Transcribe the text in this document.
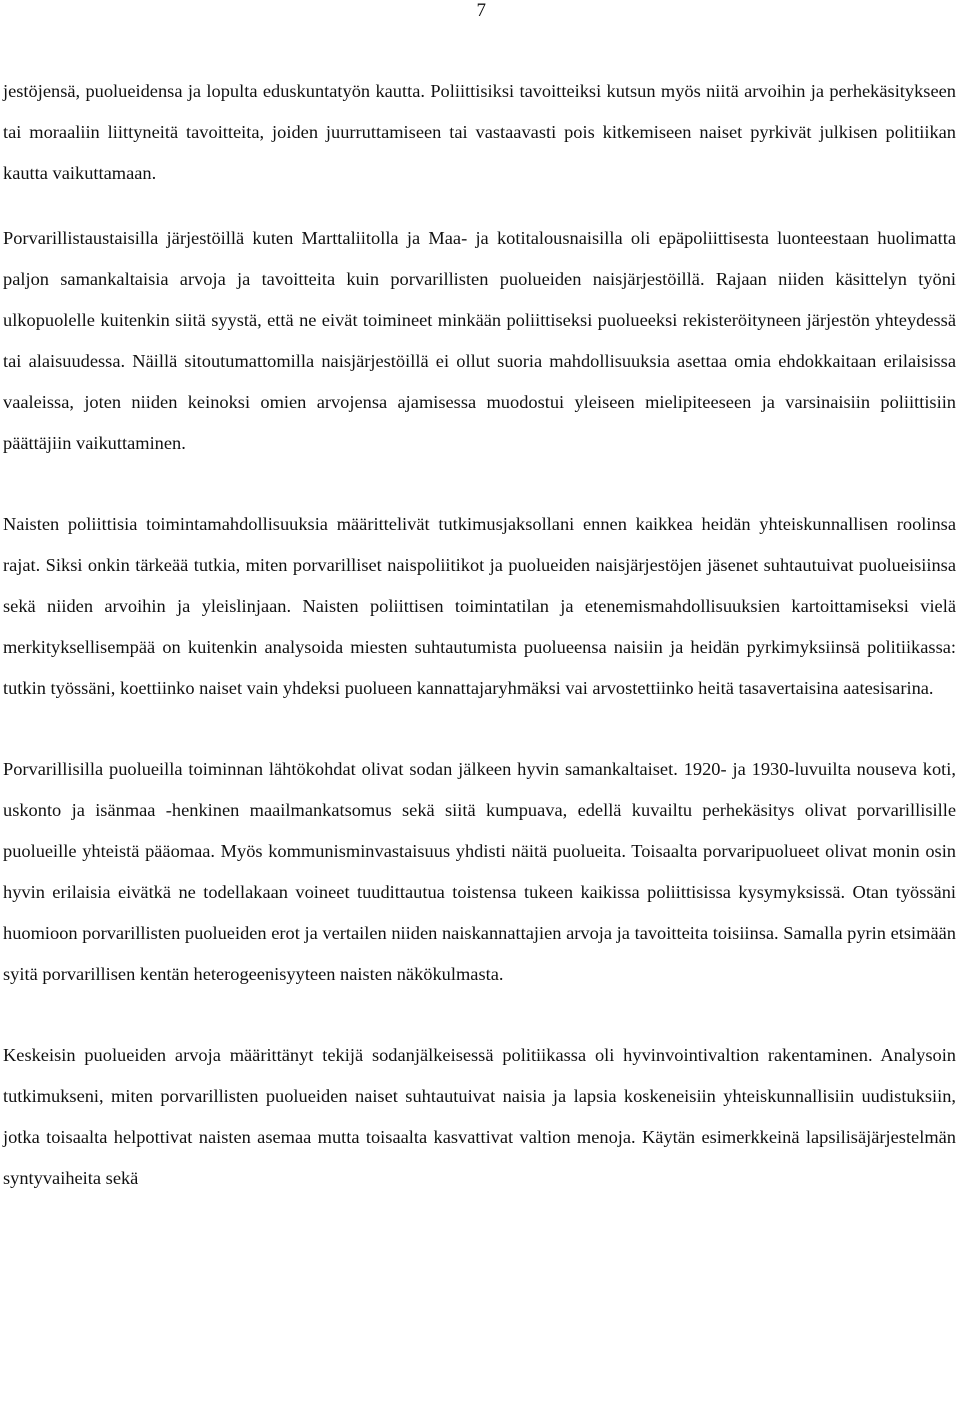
7

jestöjensä, puolueidensa ja lopulta eduskuntatyön kautta. Poliittisiksi tavoitteiksi kutsun myös niitä arvoihin ja perhekäsitykseen tai moraaliin liittyneitä tavoitteita, joiden juurruttamiseen tai vastaavasti pois kitkemiseen naiset pyrkivät julkisen politiikan kautta vaikuttamaan.

Porvarillistaustaisilla järjestöillä kuten Marttaliitolla ja Maa- ja kotitalousnaisilla oli epäpoliittisesta luonteestaan huolimatta paljon samankaltaisia arvoja ja tavoitteita kuin porvarillisten puolueiden naisjärjestöillä. Rajaan niiden käsittelyn työni ulkopuolelle kuitenkin siitä syystä, että ne eivät toimineet minkään poliittiseksi puolueeksi rekisteröityneen järjestön yhteydessä tai alaisuudessa. Näillä sitoutumattomilla naisjärjestöillä ei ollut suoria mahdollisuuksia asettaa omia ehdokkaitaan erilaisissa vaaleissa, joten niiden keinoksi omien arvojensa ajamisessa muodostui yleiseen mielipiteeseen ja varsinaisiin poliittisiin päättäjiin vaikuttaminen.

Naisten poliittisia toimintamahdollisuuksia määrittelivät tutkimusjaksollani ennen kaikkea heidän yhteiskunnallisen roolinsa rajat. Siksi onkin tärkeää tutkia, miten porvarilliset naispoliitikot ja puolueiden naisjärjestöjen jäsenet suhtautuivat puolueisiinsa sekä niiden arvoihin ja yleislinjaan. Naisten poliittisen toimintatilan ja etenemismahdollisuuksien kartoittamiseksi vielä merkityksellisempää on kuitenkin analysoida miesten suhtautumista puolueensa naisiin ja heidän pyrkimyksiinsä politiikassa: tutkin työssäni, koettiinko naiset vain yhdeksi puolueen kannattajaryhmäksi vai arvostettiinko heitä tasavertaisina aatesisarina.

Porvarillisilla puolueilla toiminnan lähtökohdat olivat sodan jälkeen hyvin samankaltaiset. 1920- ja 1930-luvuilta nouseva koti, uskonto ja isänmaa -henkinen maailmankatsomus sekä siitä kumpuava, edellä kuvailtu perhekäsitys olivat porvarillisille puolueille yhteistä pääomaa. Myös kommunisminvastaisuus yhdisti näitä puolueita. Toisaalta porvaripuolueet olivat monin osin hyvin erilaisia eivätkä ne todellakaan voineet tuudittautua toistensa tukeen kaikissa poliittisissa kysymyksissä. Otan työssäni huomioon porvarillisten puolueiden erot ja vertailen niiden naiskannattajien arvoja ja tavoitteita toisiinsa. Samalla pyrin etsimään syitä porvarillisen kentän heterogeenisyyteen naisten näkökulmasta.

Keskeisin puolueiden arvoja määrittänyt tekijä sodanjälkeisessä politiikassa oli hyvinvointivaltion rakentaminen. Analysoin tutkimukseni, miten porvarillisten puolueiden naiset suhtautuivat naisia ja lapsia koskeneisiin yhteiskunnallisiin uudistuksiin, jotka toisaalta helpottivat naisten asemaa mutta toisaalta kasvattivat valtion menoja. Käytän esimerkkeinä lapsilisäjärjestelmän syntyvaiheita sekä
